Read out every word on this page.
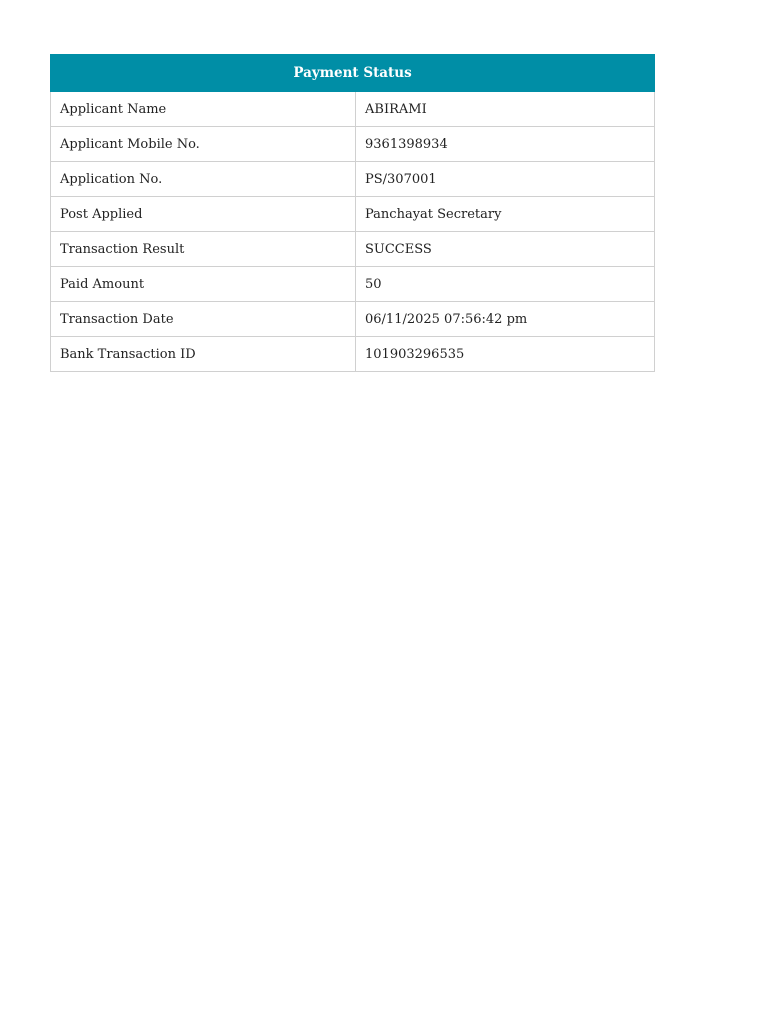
Payment Status	
Applicant Name	ABIRAMI
Applicant Mobile No.	9361398934
Application No.	PS/307001
Post Applied	Panchayat Secretary
Transaction Result	SUCCESS
Paid Amount	50
Transaction Date	06/11/2025 07:56:42 pm
Bank Transaction ID	101903296535
